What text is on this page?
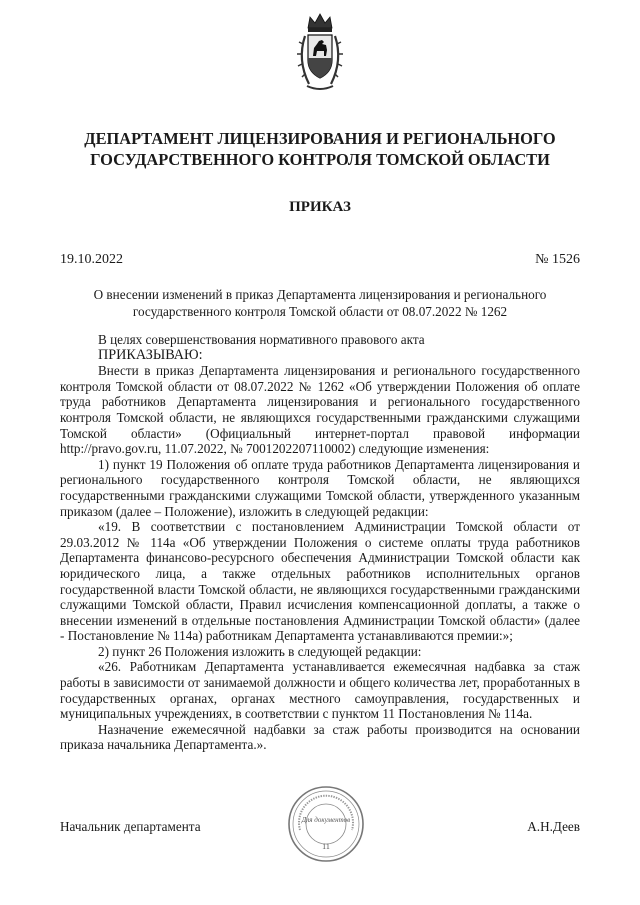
ДЕПАРТАМЕНТ ЛИЦЕНЗИРОВАНИЯ И РЕГИОНАЛЬНОГО
ГОСУДАРСТВЕННОГО КОНТРОЛЯ ТОМСКОЙ ОБЛАСТИ
ПРИКАЗ
19.10.2022	№ 1526
О внесении изменений в приказ Департамента лицензирования и регионального
государственного контроля Томской области от 08.07.2022 № 1262

В целях совершенствования нормативного правового акта

ПРИКАЗЫВАЮ:

Внести в приказ Департамента лицензирования и регионального государственного контроля Томской области от 08.07.2022 № 1262 «Об утверждении Положения об оплате труда работников Департамента лицензирования и регионального государственного контроля Томской области, не являющихся государственными гражданскими служащими Томской области» (Официальный интернет-портал правовой информации http://pravo.gov.ru, 11.07.2022, № 7001202207110002) следующие изменения:

1) пункт 19 Положения об оплате труда работников Департамента лицензирования и регионального государственного контроля Томской области, не являющихся государственными гражданскими служащими Томской области, утвержденного указанным приказом (далее – Положение), изложить в следующей редакции:

«19. В соответствии с постановлением Администрации Томской области от 29.03.2012 № 114а «Об утверждении Положения о системе оплаты труда работников Департамента финансово-ресурсного обеспечения Администрации Томской области как юридического лица, а также отдельных работников исполнительных органов государственной власти Томской области, не являющихся государственными гражданскими служащими Томской области, Правил исчисления компенсационной доплаты, а также о внесении изменений в отдельные постановления Администрации Томской области» (далее - Постановление № 114а) работникам Департамента устанавливаются премии:»;

2) пункт 26 Положения изложить в следующей редакции:

«26. Работникам Департамента устанавливается ежемесячная надбавка за стаж работы в зависимости от занимаемой должности и общего количества лет, проработанных в государственных органах, органах местного самоуправления, государственных и муниципальных учреждениях, в соответствии с пунктом 11 Постановления № 114а.

Назначение ежемесячной надбавки за стаж работы производится на основании приказа начальника Департамента.».

Начальник департамента	А.Н.Деев
Для документов
11
